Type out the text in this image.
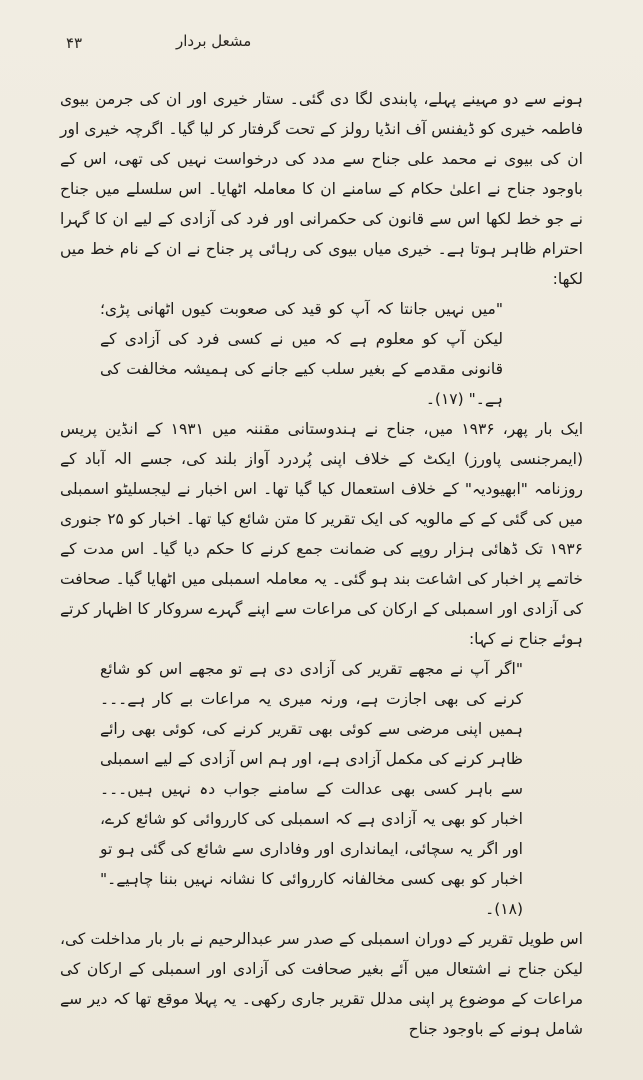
۴۳	مشعل بردار

ہونے سے دو مہینے پہلے، پابندی لگا دی گئی۔ ستار خیری اور ان کی جرمن بیوی فاطمہ خیری کو ڈیفنس آف انڈیا رولز کے تحت گرفتار کر لیا گیا۔ اگرچہ خیری اور ان کی بیوی نے محمد علی جناح سے مدد کی درخواست نہیں کی تھی، اس کے باوجود جناح نے اعلیٰ حکام کے سامنے ان کا معاملہ اٹھایا۔ اس سلسلے میں جناح نے جو خط لکھا اس سے قانون کی حکمرانی اور فرد کی آزادی کے لیے ان کا گہرا احترام ظاہر ہوتا ہے۔ خیری میاں بیوی کی رہائی پر جناح نے ان کے نام خط میں لکھا:

"میں نہیں جانتا کہ آپ کو قید کی صعوبت کیوں اٹھانی پڑی؛ لیکن آپ کو معلوم ہے کہ میں نے کسی فرد کی آزادی کے قانونی مقدمے کے بغیر سلب کیے جانے کی ہمیشہ مخالفت کی ہے۔" (۱۷)۔

ایک بار پھر، ۱۹۳۶ میں، جناح نے ہندوستانی مقننہ میں ۱۹۳۱ کے انڈین پریس (ایمرجنسی پاورز) ایکٹ کے خلاف اپنی پُردرد آواز بلند کی، جسے الہ آباد کے روزنامہ "ابھیودیہ" کے خلاف استعمال کیا گیا تھا۔ اس اخبار نے لیجسلیٹو اسمبلی میں کی گئی کے کے مالویہ کی ایک تقریر کا متن شائع کیا تھا۔ اخبار کو ۲۵ جنوری ۱۹۳۶ تک ڈھائی ہزار روپے کی ضمانت جمع کرنے کا حکم دیا گیا۔ اس مدت کے خاتمے پر اخبار کی اشاعت بند ہو گئی۔ یہ معاملہ اسمبلی میں اٹھایا گیا۔ صحافت کی آزادی اور اسمبلی کے ارکان کی مراعات سے اپنے گہرے سروکار کا اظہار کرتے ہوئے جناح نے کہا:

"اگر آپ نے مجھے تقریر کی آزادی دی ہے تو مجھے اس کو شائع کرنے کی بھی اجازت ہے، ورنہ میری یہ مراعات بے کار ہے۔۔۔ ہمیں اپنی مرضی سے کوئی بھی تقریر کرنے کی، کوئی بھی رائے ظاہر کرنے کی مکمل آزادی ہے، اور ہم اس آزادی کے لیے اسمبلی سے باہر کسی بھی عدالت کے سامنے جواب دہ نہیں ہیں۔۔۔ اخبار کو بھی یہ آزادی ہے کہ اسمبلی کی کارروائی کو شائع کرے، اور اگر یہ سچائی، ایمانداری اور وفاداری سے شائع کی گئی ہو تو اخبار کو بھی کسی مخالفانہ کارروائی کا نشانہ نہیں بننا چاہیے۔" (۱۸)۔

اس طویل تقریر کے دوران اسمبلی کے صدر سر عبدالرحیم نے بار بار مداخلت کی، لیکن جناح نے اشتعال میں آئے بغیر صحافت کی آزادی اور اسمبلی کے ارکان کی مراعات کے موضوع پر اپنی مدلل تقریر جاری رکھی۔ یہ پہلا موقع تھا کہ دیر سے شامل ہونے کے باوجود جناح
